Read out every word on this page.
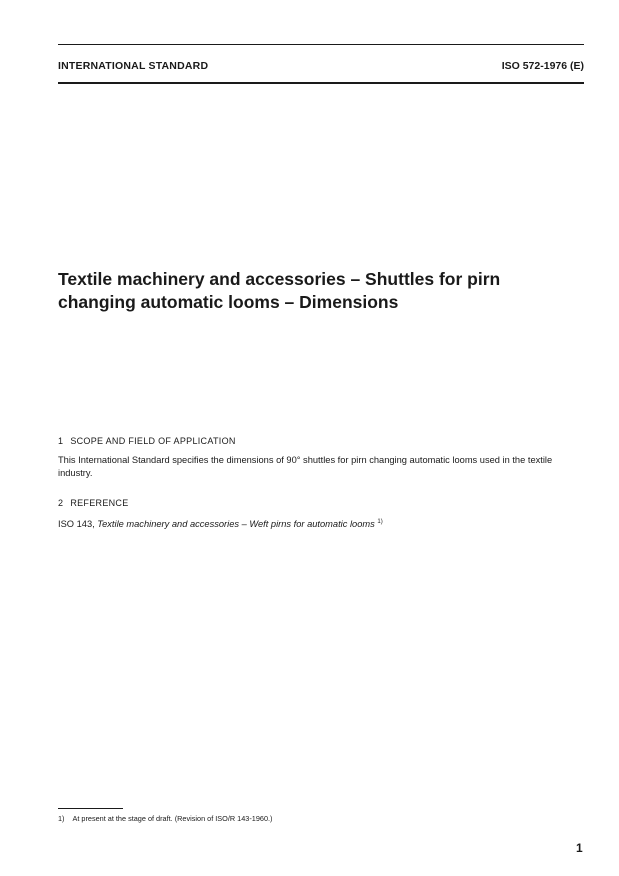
INTERNATIONAL STANDARD	ISO 572-1976 (E)
Textile machinery and accessories – Shuttles for pirn
changing automatic looms – Dimensions
1 SCOPE AND FIELD OF APPLICATION
This International Standard specifies the dimensions of 90° shuttles for pirn changing automatic looms used in the textile industry.
2 REFERENCE
ISO 143, Textile machinery and accessories – Weft pirns for automatic looms $^{1)}$
1) At present at the stage of draft. (Revision of ISO/R 143-1960.)
1
